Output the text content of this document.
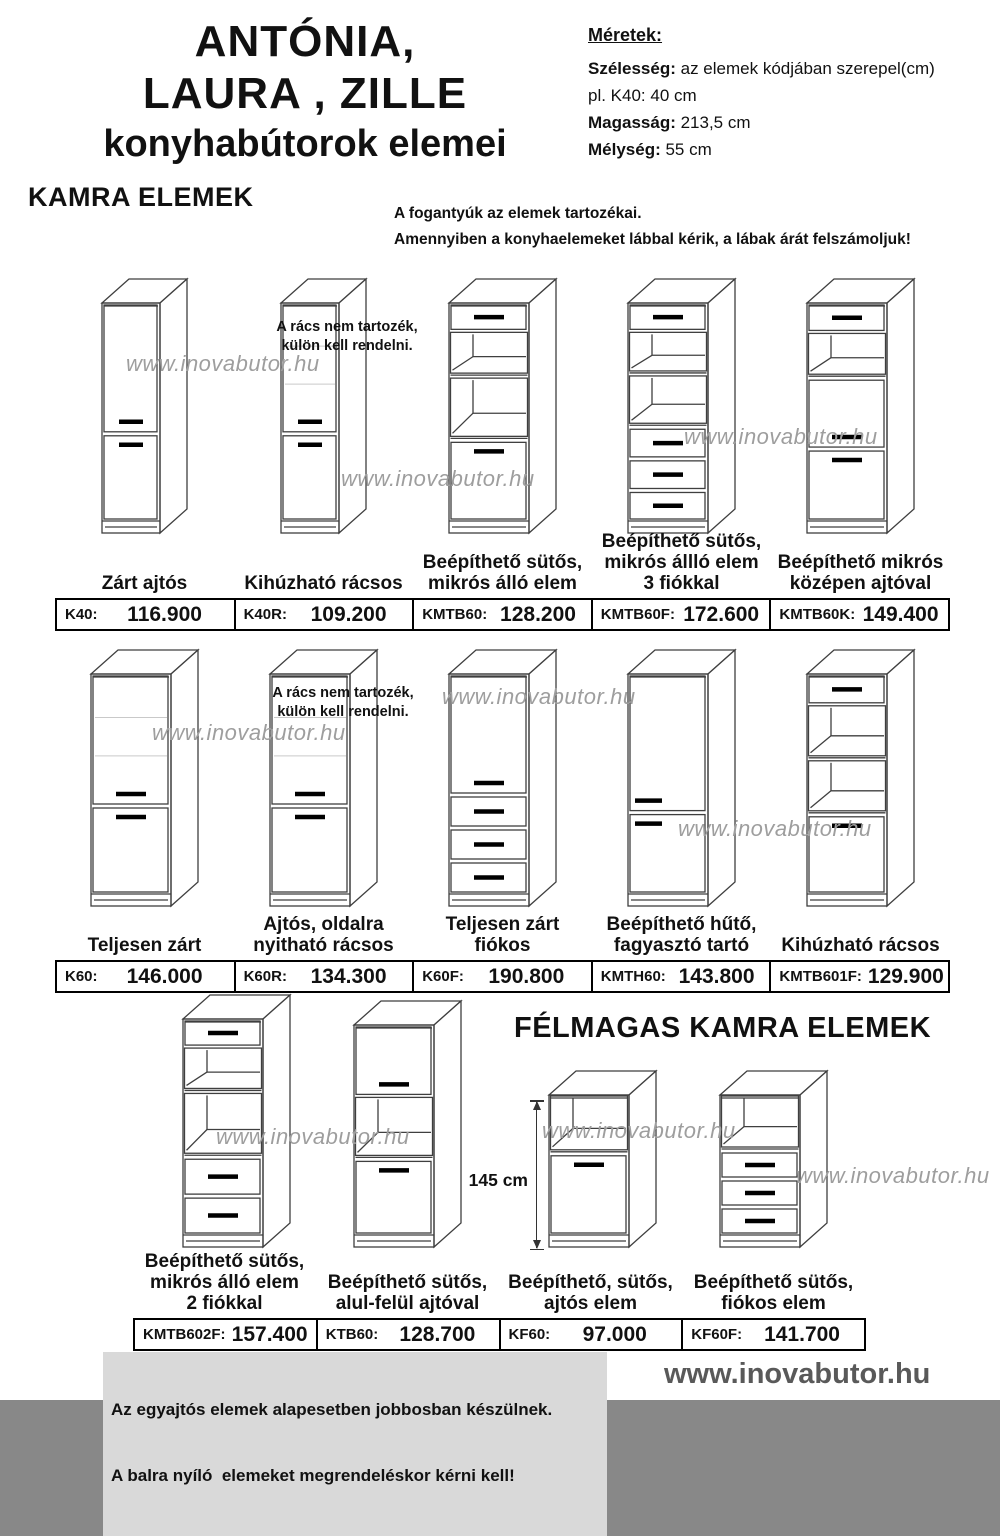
ANTÓNIA,
LAURA , ZILLE
konyhabútorok elemei
Méretek:
Szélesség: az elemek kódjában szerepel(cm)
pl. K40: 40 cm
Magasság: 213,5 cm
Mélység: 55 cm
KAMRA ELEMEK
A fogantyúk az elemek tartozékai.
Amennyiben a konyhaelemeket lábbal kérik, a lábak árát felszámoljuk!
Zárt ajtós	Kihúzható rácsos
Beépíthető sütős,
mikrós álló elem
Beépíthető sütős,
mikrós állló elem
3 fiókkal
Beépíthető mikrós
középen ajtóval
K40: 116.900	K40R: 109.200 KMTB60: 128.200 KMTB60F: 172.600 KMTB60K: 149.400
Teljesen zárt
Ajtós, oldalra
nyitható rácsos
Teljesen zárt
fiókos
Beépíthető hűtő,
fagyasztó tartó	Kihúzható rácsos
K60: 146.000	K60R: 134.300 K60F: 190.800 KMTH60: 143.800 KMTB601F: 129.900
FÉLMAGAS KAMRA ELEMEK
Beépíthető sütős,
mikrós álló elem
2 fiókkal
Beépíthető sütős,
alul-felül ajtóval
Beépíthető, sütős,
ajtós elem
Beépíthető sütős,
fiókos elem
KMTB602F: 157.400 KTB60: 128.700 KF60: 97.000	KF60F: 141.700
A rács nem tartozék,
külön kell rendelni.
A rács nem tartozék,
külön kell rendelni.
145 cm
www.inovabutor.hu
www.inovabutor.hu
www.inovabutor.hu
www.inovabutor.hu
www.inovabutor.hu
www.inovabutor.hu
www.inovabutor.hu	www.inovabutor.hu
www.inovabutor.hu

Az egyajtós elemek alapesetben jobbosban készülnek.

A balra nyíló  elemeket megrendeléskor kérni kell!

www.inovabutor.hu
